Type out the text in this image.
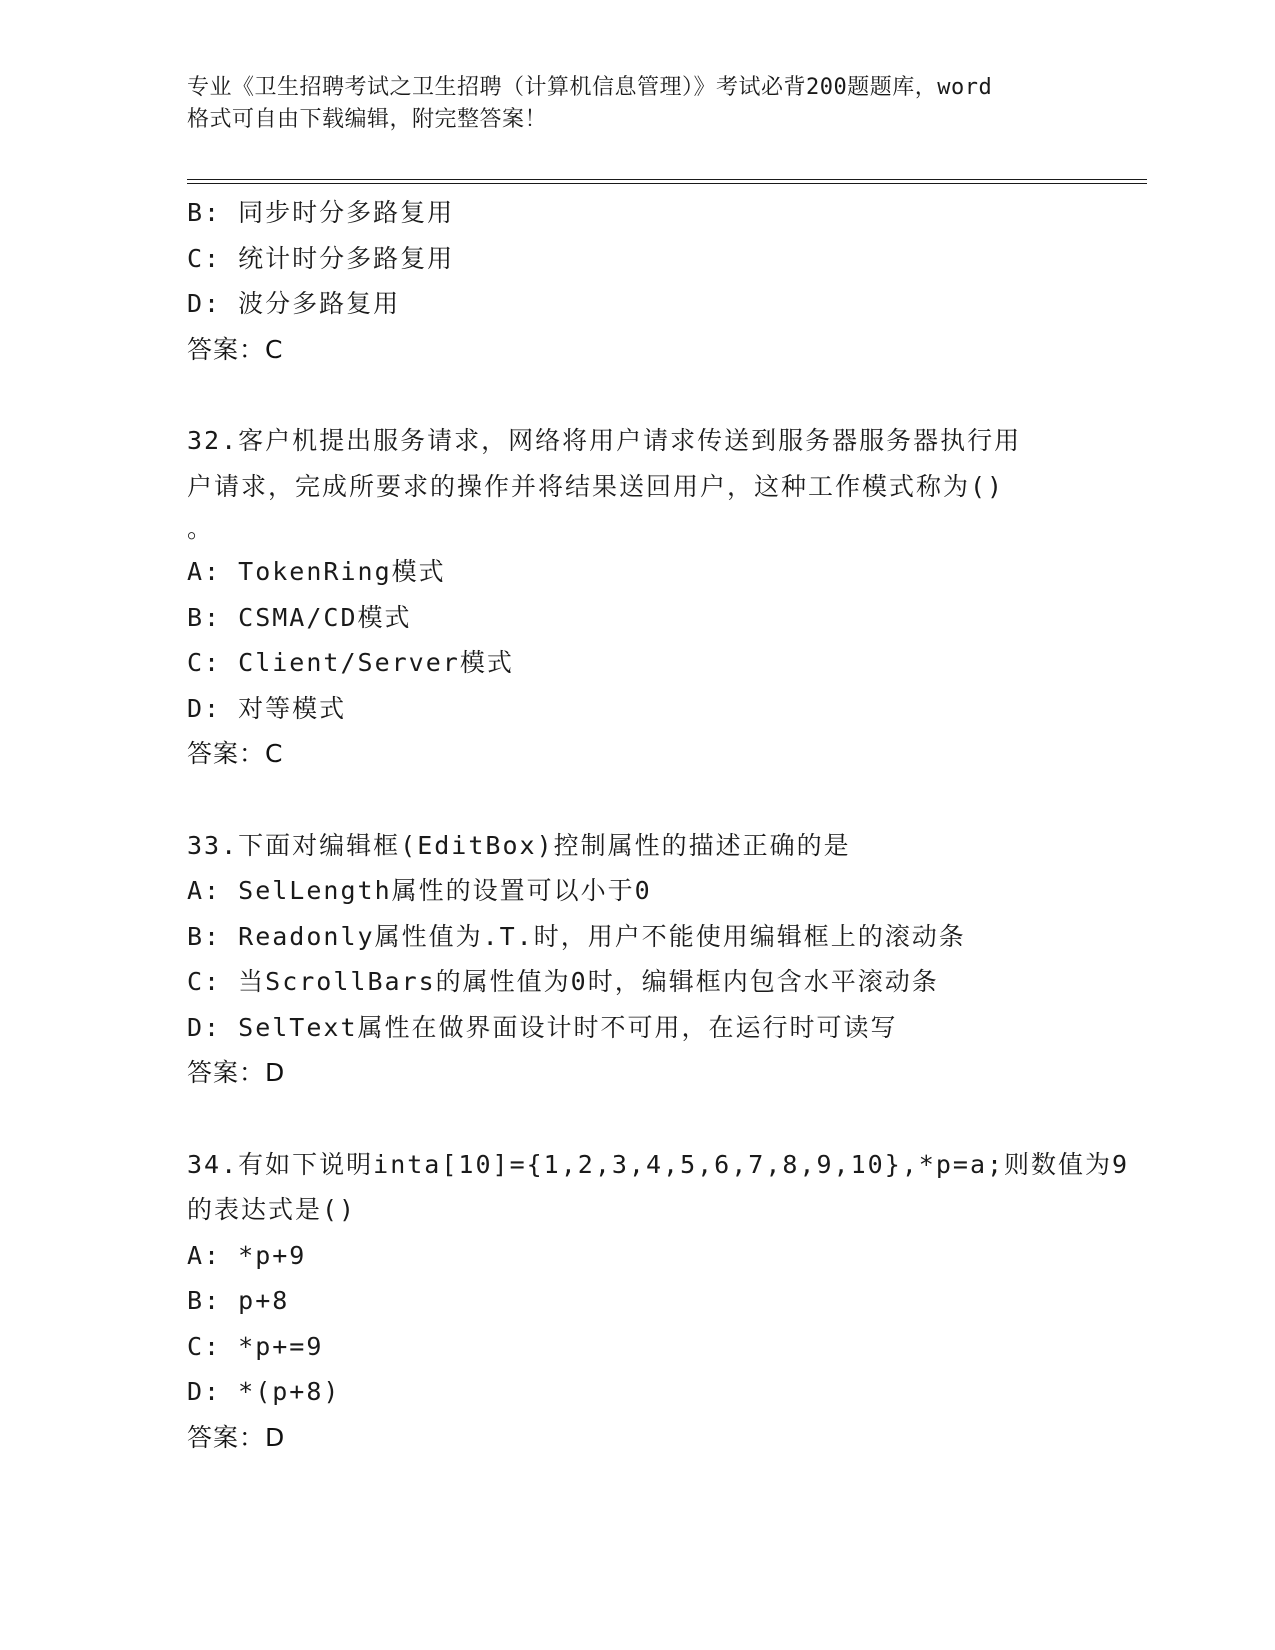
专业《卫生招聘考试之卫生招聘（计算机信息管理）》考试必背200题题库，word
格式可自由下载编辑，附完整答案！
B: 同步时分多路复用
C: 统计时分多路复用
D: 波分多路复用
答案：C
32.客户机提出服务请求，网络将用户请求传送到服务器服务器执行用
户请求，完成所要求的操作并将结果送回用户，这种工作模式称为()
。
A: TokenRing模式
B: CSMA/CD模式
C: Client/Server模式
D: 对等模式
答案：C
33.下面对编辑框(EditBox)控制属性的描述正确的是
A: SelLength属性的设置可以小于0
B: Readonly属性值为.T.时，用户不能使用编辑框上的滚动条
C: 当ScrollBars的属性值为0时，编辑框内包含水平滚动条
D: SelText属性在做界面设计时不可用，在运行时可读写
答案：D
34.有如下说明inta[10]={1,2,3,4,5,6,7,8,9,10},*p=a;则数值为9
的表达式是()
A: *p+9
B: p+8
C: *p+=9
D: *(p+8)
答案：D
